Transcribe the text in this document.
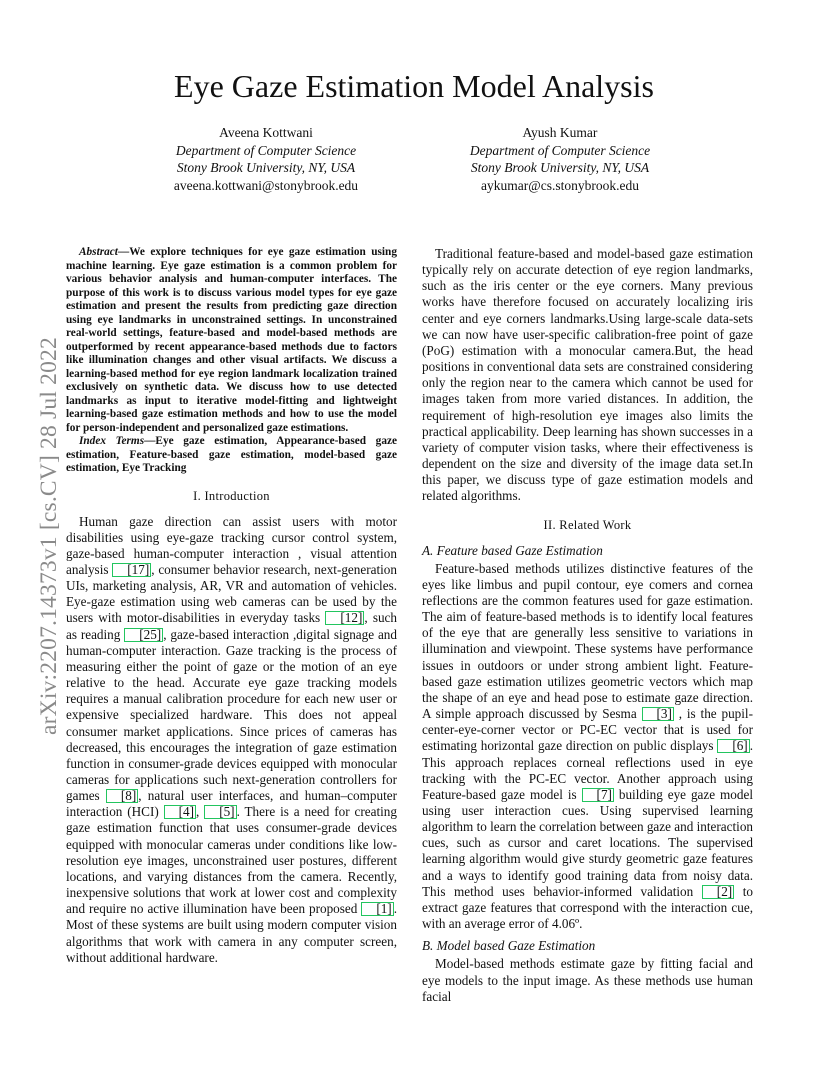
arXiv:2207.14373v1 [cs.CV] 28 Jul 2022
Eye Gaze Estimation Model Analysis
Aveena Kottwani
Department of Computer Science
Stony Brook University, NY, USA
aveena.kottwani@stonybrook.edu
Ayush Kumar
Department of Computer Science
Stony Brook University, NY, USA
aykumar@cs.stonybrook.edu

Abstract—We explore techniques for eye gaze estimation using machine learning. Eye gaze estimation is a common problem for various behavior analysis and human-computer interfaces. The purpose of this work is to discuss various model types for eye gaze estimation and present the results from predicting gaze direction using eye landmarks in unconstrained settings. In unconstrained real-world settings, feature-based and model-based methods are outperformed by recent appearance-based methods due to factors like illumination changes and other visual artifacts. We discuss a learning-based method for eye region landmark localization trained exclusively on synthetic data. We discuss how to use detected landmarks as input to iterative model-fitting and lightweight learning-based gaze estimation methods and how to use the model for person-independent and personalized gaze estimations.

Index Terms—Eye gaze estimation, Appearance-based gaze estimation, Feature-based gaze estimation, model-based gaze estimation, Eye Tracking

I. Introduction

Human gaze direction can assist users with motor disabilities using eye-gaze tracking cursor control system, gaze-based human-computer interaction , visual attention analysis [17] , consumer behavior research, next-generation UIs, marketing analysis, AR, VR and automation of vehicles. Eye-gaze estimation using web cameras can be used by the users with motor-disabilities in everyday tasks [12] , such as reading [25] , gaze-based interaction ,digital signage and human-computer interaction. Gaze tracking is the process of measuring either the point of gaze or the motion of an eye relative to the head. Accurate eye gaze tracking models requires a manual calibration procedure for each new user or expensive specialized hardware. This does not appeal consumer market applications. Since prices of cameras has decreased, this encourages the integration of gaze estimation function in consumer-grade devices equipped with monocular cameras for applications such next-generation controllers for games [8] , natural user interfaces, and human–computer interaction (HCI) [4] , [5] . There is a need for creating gaze estimation function that uses consumer-grade devices equipped with monocular cameras under conditions like low-resolution eye images, unconstrained user postures, different locations, and varying distances from the camera. Recently, inexpensive solutions that work at lower cost and complexity and require no active illumination have been proposed [1] . Most of these systems are built using modern computer vision algorithms that work with camera in any computer screen, without additional hardware.

Traditional feature-based and model-based gaze estimation typically rely on accurate detection of eye region landmarks, such as the iris center or the eye corners. Many previous works have therefore focused on accurately localizing iris center and eye corners landmarks.Using large-scale data-sets we can now have user-specific calibration-free point of gaze (PoG) estimation with a monocular camera.But, the head positions in conventional data sets are constrained considering only the region near to the camera which cannot be used for images taken from more varied distances. In addition, the requirement of high-resolution eye images also limits the practical applicability. Deep learning has shown successes in a variety of computer vision tasks, where their effectiveness is dependent on the size and diversity of the image data set.In this paper, we discuss type of gaze estimation models and related algorithms.

II. Related Work

A. Feature based Gaze Estimation

Feature-based methods utilizes distinctive features of the eyes like limbus and pupil contour, eye comers and cornea reflections are the common features used for gaze estimation. The aim of feature-based methods is to identify local features of the eye that are generally less sensitive to variations in illumination and viewpoint. These systems have performance issues in outdoors or under strong ambient light. Feature-based gaze estimation utilizes geometric vectors which map the shape of an eye and head pose to estimate gaze direction. A simple approach discussed by Sesma [3] , is the pupil-center-eye-corner vector or PC-EC vector that is used for estimating horizontal gaze direction on public displays [6] . This approach replaces corneal reflections used in eye tracking with the PC-EC vector. Another approach using Feature-based gaze model is [7] building eye gaze model using user interaction cues. Using supervised learning algorithm to learn the correlation between gaze and interaction cues, such as cursor and caret locations. The supervised learning algorithm would give sturdy geometric gaze features and a ways to identify good training data from noisy data. This method uses behavior-informed validation [2] to extract gaze features that correspond with the interaction cue, with an average error of 4.06º.

B. Model based Gaze Estimation

Model-based methods estimate gaze by fitting facial and eye models to the input image. As these methods use human facial
